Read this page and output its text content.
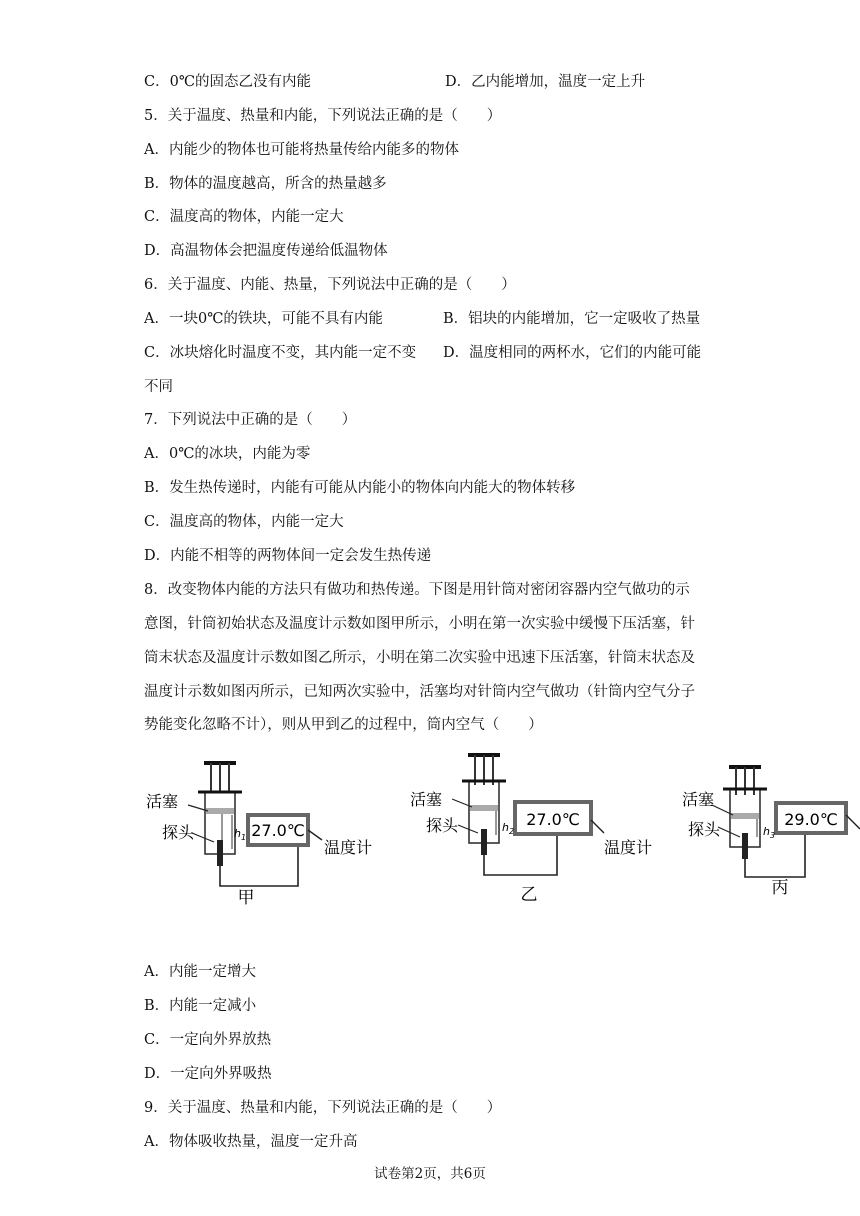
C．0℃的固态乙没有内能	D．乙内能增加，温度一定上升
5．关于温度、热量和内能，下列说法正确的是（　　）
A．内能少的物体也可能将热量传给内能多的物体
B．物体的温度越高，所含的热量越多
C．温度高的物体，内能一定大
D．高温物体会把温度传递给低温物体
6．关于温度、内能、热量，下列说法中正确的是（　　）
A．一块0℃的铁块，可能不具有内能	B．铝块的内能增加，它一定吸收了热量
C．冰块熔化时温度不变，其内能一定不变 D．温度相同的两杯水，它们的内能可能
不同
7．下列说法中正确的是（　　）
A．0℃的冰块，内能为零
B．发生热传递时，内能有可能从内能小的物体向内能大的物体转移
C．温度高的物体，内能一定大
D．内能不相等的两物体间一定会发生热传递
8．改变物体内能的方法只有做功和热传递。下图是用针筒对密闭容器内空气做功的示
意图，针筒初始状态及温度计示数如图甲所示，小明在第一次实验中缓慢下压活塞，针
筒末状态及温度计示数如图乙所示，小明在第二次实验中迅速下压活塞，针筒末状态及
温度计示数如图丙所示，已知两次实验中，活塞均对针筒内空气做功（针筒内空气分子
势能变化忽略不计），则从甲到乙的过程中，筒内空气（　　）
27.0℃
温度计
活塞
探头	$h_1$
甲
27.0℃
温度计
活塞
探头	$h_2$
乙
29.0℃
活塞
探头	$h_3$
丙
A．内能一定增大
B．内能一定减小
C．一定向外界放热
D．一定向外界吸热
9．关于温度、热量和内能，下列说法正确的是（　　）
A．物体吸收热量，温度一定升高
试卷第2页，共6页
